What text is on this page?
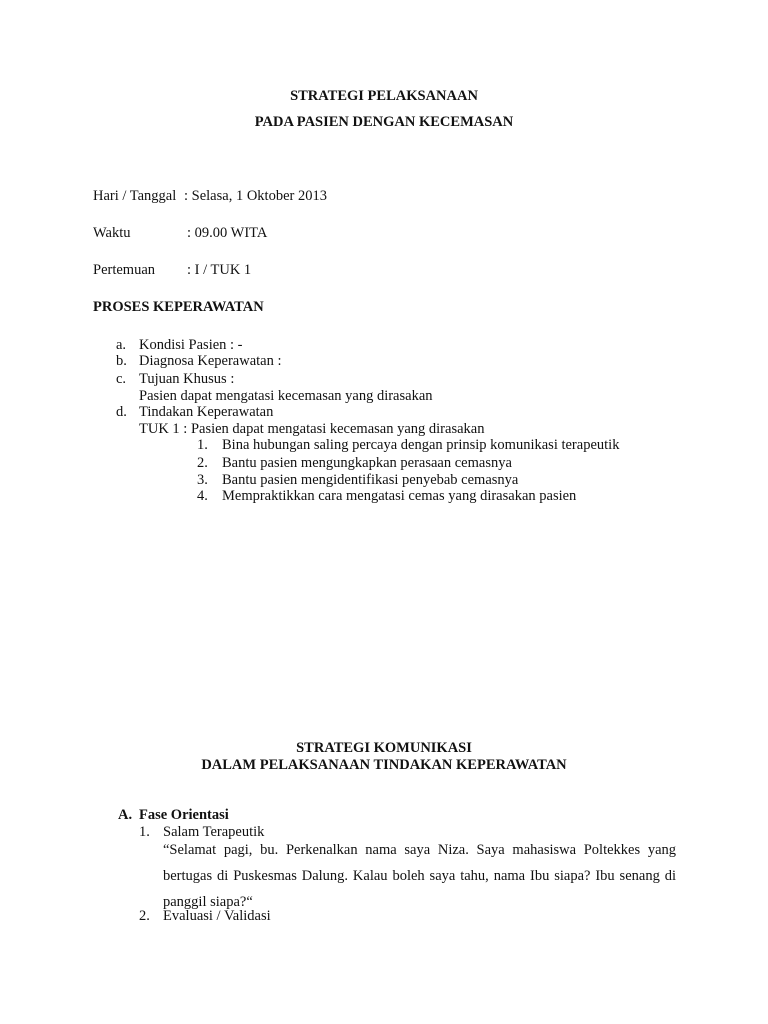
STRATEGI PELAKSANAAN
PADA PASIEN DENGAN KECEMASAN
Hari / Tanggal : Selasa, 1 Oktober 2013
Waktu	: 09.00 WITA
Pertemuan : I / TUK 1
PROSES KEPERAWATAN
a. Kondisi Pasien : -
b. Diagnosa Keperawatan :
c. Tujuan Khusus :
Pasien dapat mengatasi kecemasan yang dirasakan
d. Tindakan Keperawatan
TUK 1 : Pasien dapat mengatasi kecemasan yang dirasakan
1. Bina hubungan saling percaya dengan prinsip komunikasi terapeutik
2. Bantu pasien mengungkapkan perasaan cemasnya
3. Bantu pasien mengidentifikasi penyebab cemasnya
4. Mempraktikkan cara mengatasi cemas yang dirasakan pasien
STRATEGI KOMUNIKASI
DALAM PELAKSANAAN TINDAKAN KEPERAWATAN
A. Fase Orientasi
1. Salam Terapeutik
“Selamat pagi, bu. Perkenalkan nama saya Niza. Saya mahasiswa Poltekkes yang bertugas di Puskesmas Dalung. Kalau boleh saya tahu, nama Ibu siapa? Ibu senang di panggil siapa?“
2. Evaluasi / Validasi
